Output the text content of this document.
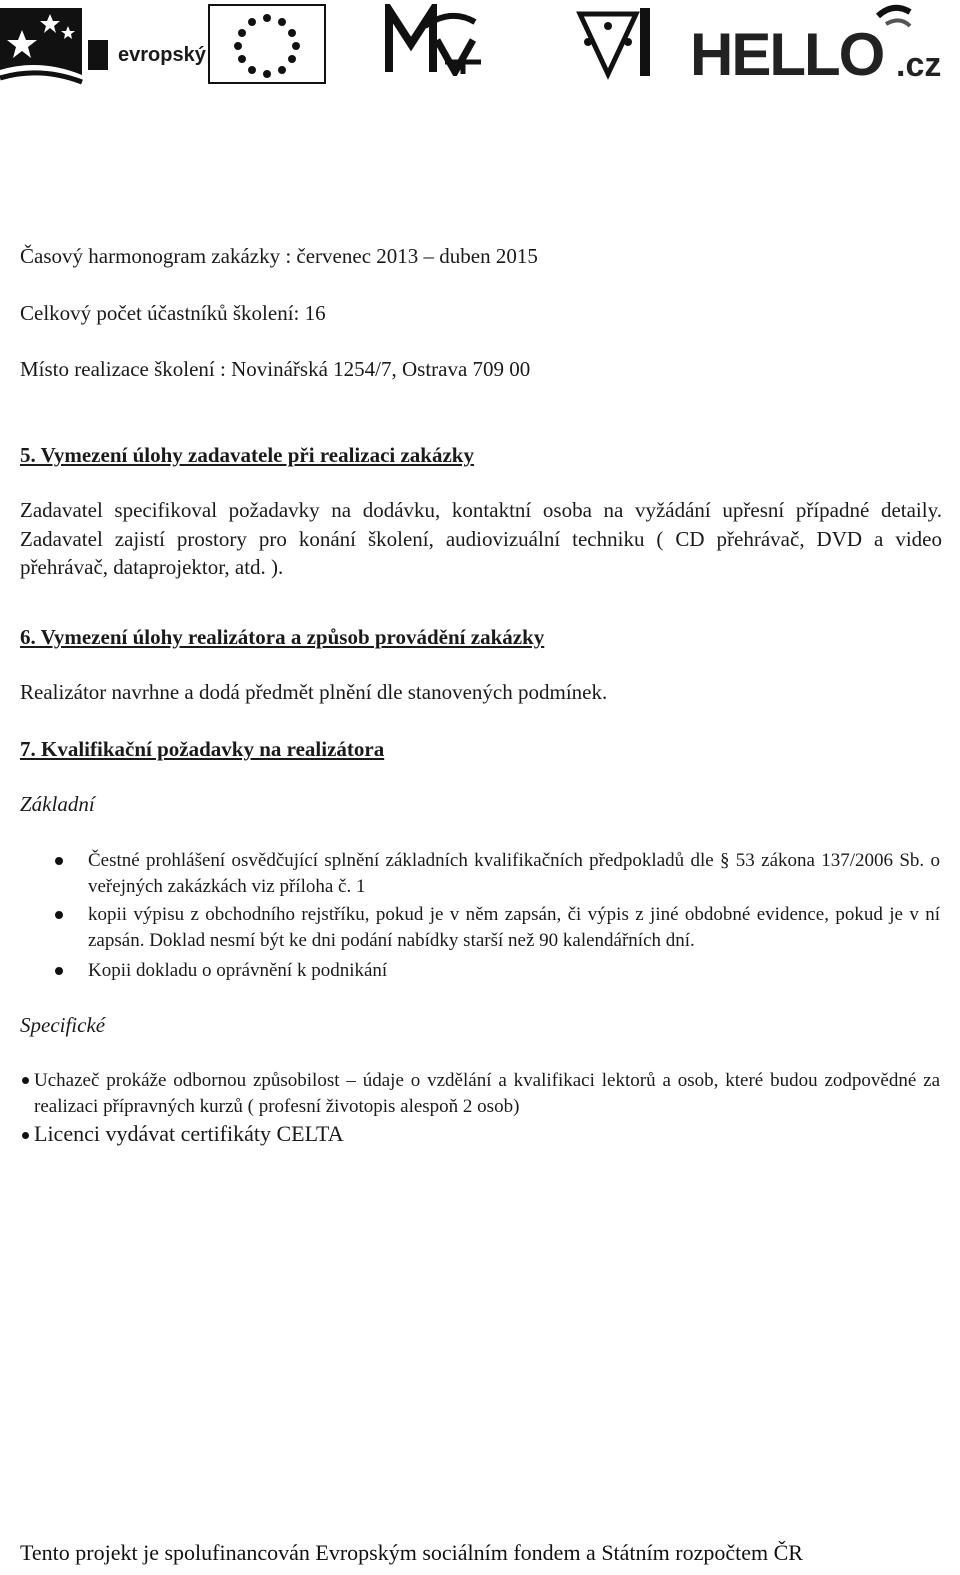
evropský	HELLO .cz
Časový harmonogram zakázky : červenec 2013 – duben 2015
Celkový počet účastníků školení: 16
Místo realizace školení : Novinářská 1254/7, Ostrava 709 00
5. Vymezení úlohy zadavatele při realizaci zakázky
Zadavatel specifikoval požadavky na dodávku, kontaktní osoba na vyžádání upřesní případné detaily. Zadavatel zajistí prostory pro konání školení, audiovizuální techniku ( CD přehrávač, DVD a video přehrávač, dataprojektor, atd. ).
6. Vymezení úlohy realizátora a způsob provádění zakázky
Realizátor navrhne a dodá předmět plnění dle stanovených podmínek.
7. Kvalifikační požadavky na realizátora
Základní
Čestné prohlášení osvědčující splnění základních kvalifikačních předpokladů dle § 53 zákona 137/2006 Sb. o veřejných zakázkách viz příloha č. 1
kopii výpisu z obchodního rejstříku, pokud je v něm zapsán, či výpis z jiné obdobné evidence, pokud je v ní zapsán. Doklad nesmí být ke dni podání nabídky starší než 90 kalendářních dní.
Kopii dokladu o oprávnění k podnikání
Specifické
Uchazeč prokáže odbornou způsobilost – údaje o vzdělání a kvalifikaci lektorů a osob, které budou zodpovědné za realizaci přípravných kurzů ( profesní životopis alespoň 2 osob)
Licenci vydávat certifikáty CELTA
Tento projekt je spolufinancován Evropským sociálním fondem a Státním rozpočtem ČR
